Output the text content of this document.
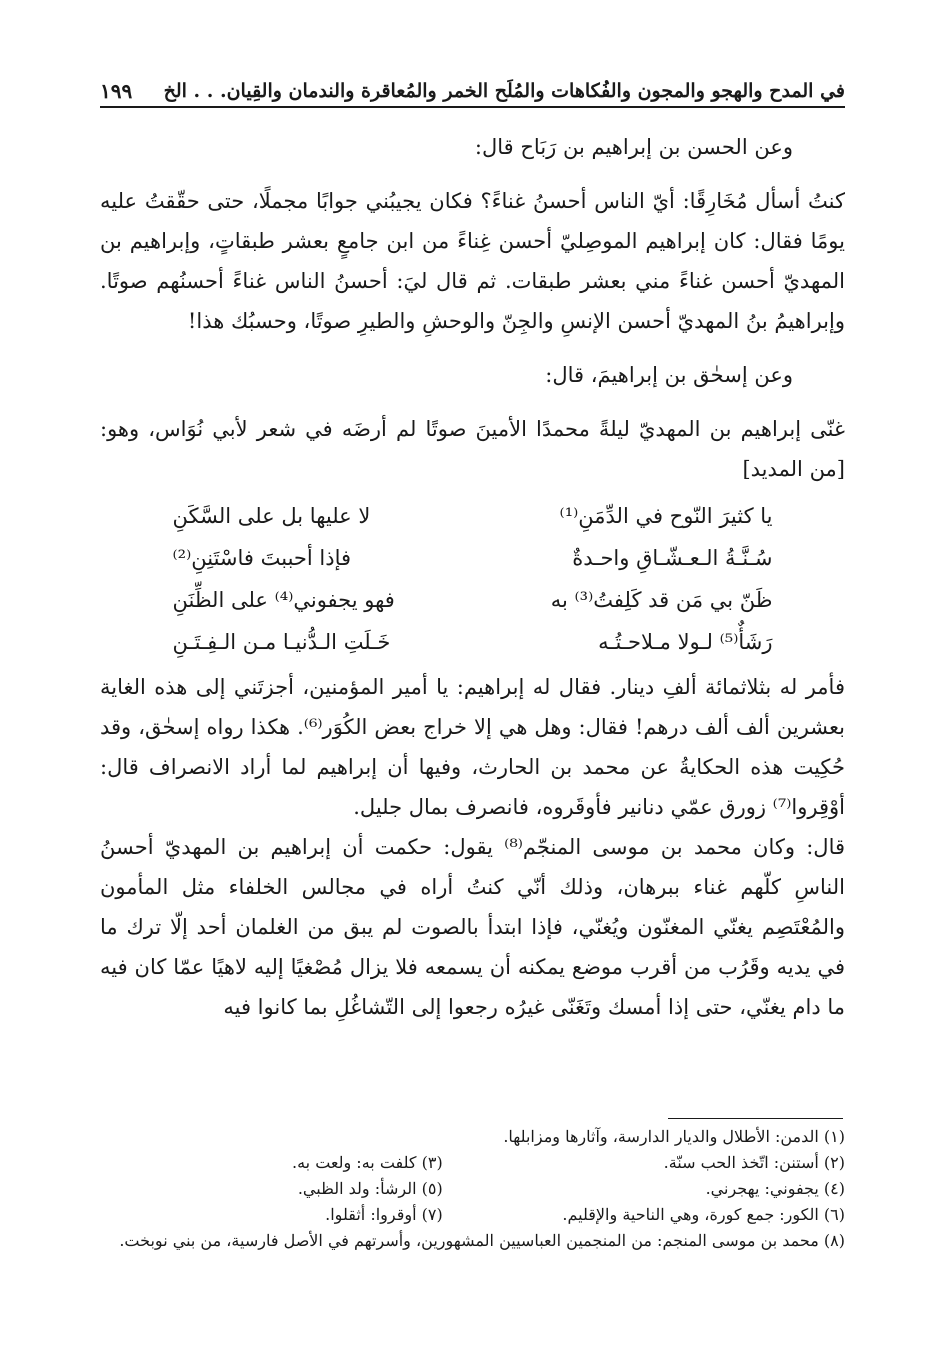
في المدح والهجو والمجون والفُكاهات والمُلَح الخمر والمُعاقرة والندمان والقِيان. . . الخ
١٩٩

وعن الحسن بن إبراهيم بن رَبَاح قال:

كنتُ أسأل مُخَارِقًا: أيّ الناس أحسنُ غناءً؟ فكان يجيبُني جوابًا مجملًا، حتى حقّقتُ عليه يومًا فقال: كان إبراهيم الموصِليّ أحسن غِناءً من ابن جامعٍ بعشر طبقاتٍ، وإبراهيم بن المهديّ أحسن غناءً مني بعشر طبقات. ثم قال ليَ: أحسنُ الناس غناءً أحسنُهم صوتًا. وإبراهيمُ بنُ المهديّ أحسن الإنسِ والجِنّ والوحشِ والطيرِ صوتًا، وحسبُك هذا!

وعن إسحٰق بن إبراهيمَ، قال:

غنّى إبراهيم بن المهديّ ليلةً محمدًا الأمينَ صوتًا لم أرضَه في شعر لأبي نُوَاس، وهو: [من المديد]

يا كثيرَ النّوح في الدِّمَنِ⁽¹⁾
لا عليها بل على السَّكَنِ
سُـنَّـةُ الـعـشّـاقِ واحـدةٌ
فإذا أحببتَ فاسْتَنِنِ⁽²⁾
ظَنّ بي مَن قد كَلِفتُ⁽³⁾ به
فهو يجفوني⁽⁴⁾ على الظِّنَنِ
رَشَأٌ⁽⁵⁾ لـولا مـلاحـتُـه
خَـلَتِ الـدُّنيـا مـن الـفِـتَـنِ

فأمر له بثلاثمائة ألفِ دينار. فقال له إبراهيم: يا أمير المؤمنين، أجزتَني إلى هذه الغاية بعشرين ألف ألف درهم! فقال: وهل هي إلا خراج بعض الكُوَر⁽⁶⁾. هكذا رواه إسحٰق، وقد حُكِيت هذه الحكايةُ عن محمد بن الحارث، وفيها أن إبراهيم لما أراد الانصراف قال: أوْقِروا⁽⁷⁾ زورق عمّي دنانير فأوقَروه، فانصرف بمال جليل.

قال: وكان محمد بن موسى المنجّم⁽⁸⁾ يقول: حكمت أن إبراهيم بن المهديّ أحسنُ الناسِ كلّهم غناء ببرهان، وذلك أنّي كنتُ أراه في مجالس الخلفاء مثل المأمون والمُعْتَصِم يغنّي المغنّون ويُغنّي، فإذا ابتدأ بالصوت لم يبق من الغلمان أحد إلّا ترك ما في يديه وقَرُب من أقرب موضع يمكنه أن يسمعه فلا يزال مُصْغيًا إليه لاهيًا عمّا كان فيه ما دام يغنّي، حتى إذا أمسك وتَغَنّى غيرُه رجعوا إلى التّشاغُلِ بما كانوا فيه

(١) الدمن: الأطلال والديار الدارسة، وآثارها ومزابلها.
(٢) أستنن: اتّخذ الحب سنّة.
(٣) كلفت به: ولعت به.
(٤) يجفوني: يهجرني.
(٥) الرشأ: ولد الظبي.
(٦) الكور: جمع كورة، وهي الناحية والإقليم.
(٧) أوقروا: أثقلوا.
(٨) محمد بن موسى المنجم: من المنجمين العباسيين المشهورين، وأسرتهم في الأصل فارسية، من بني نوبخت.
